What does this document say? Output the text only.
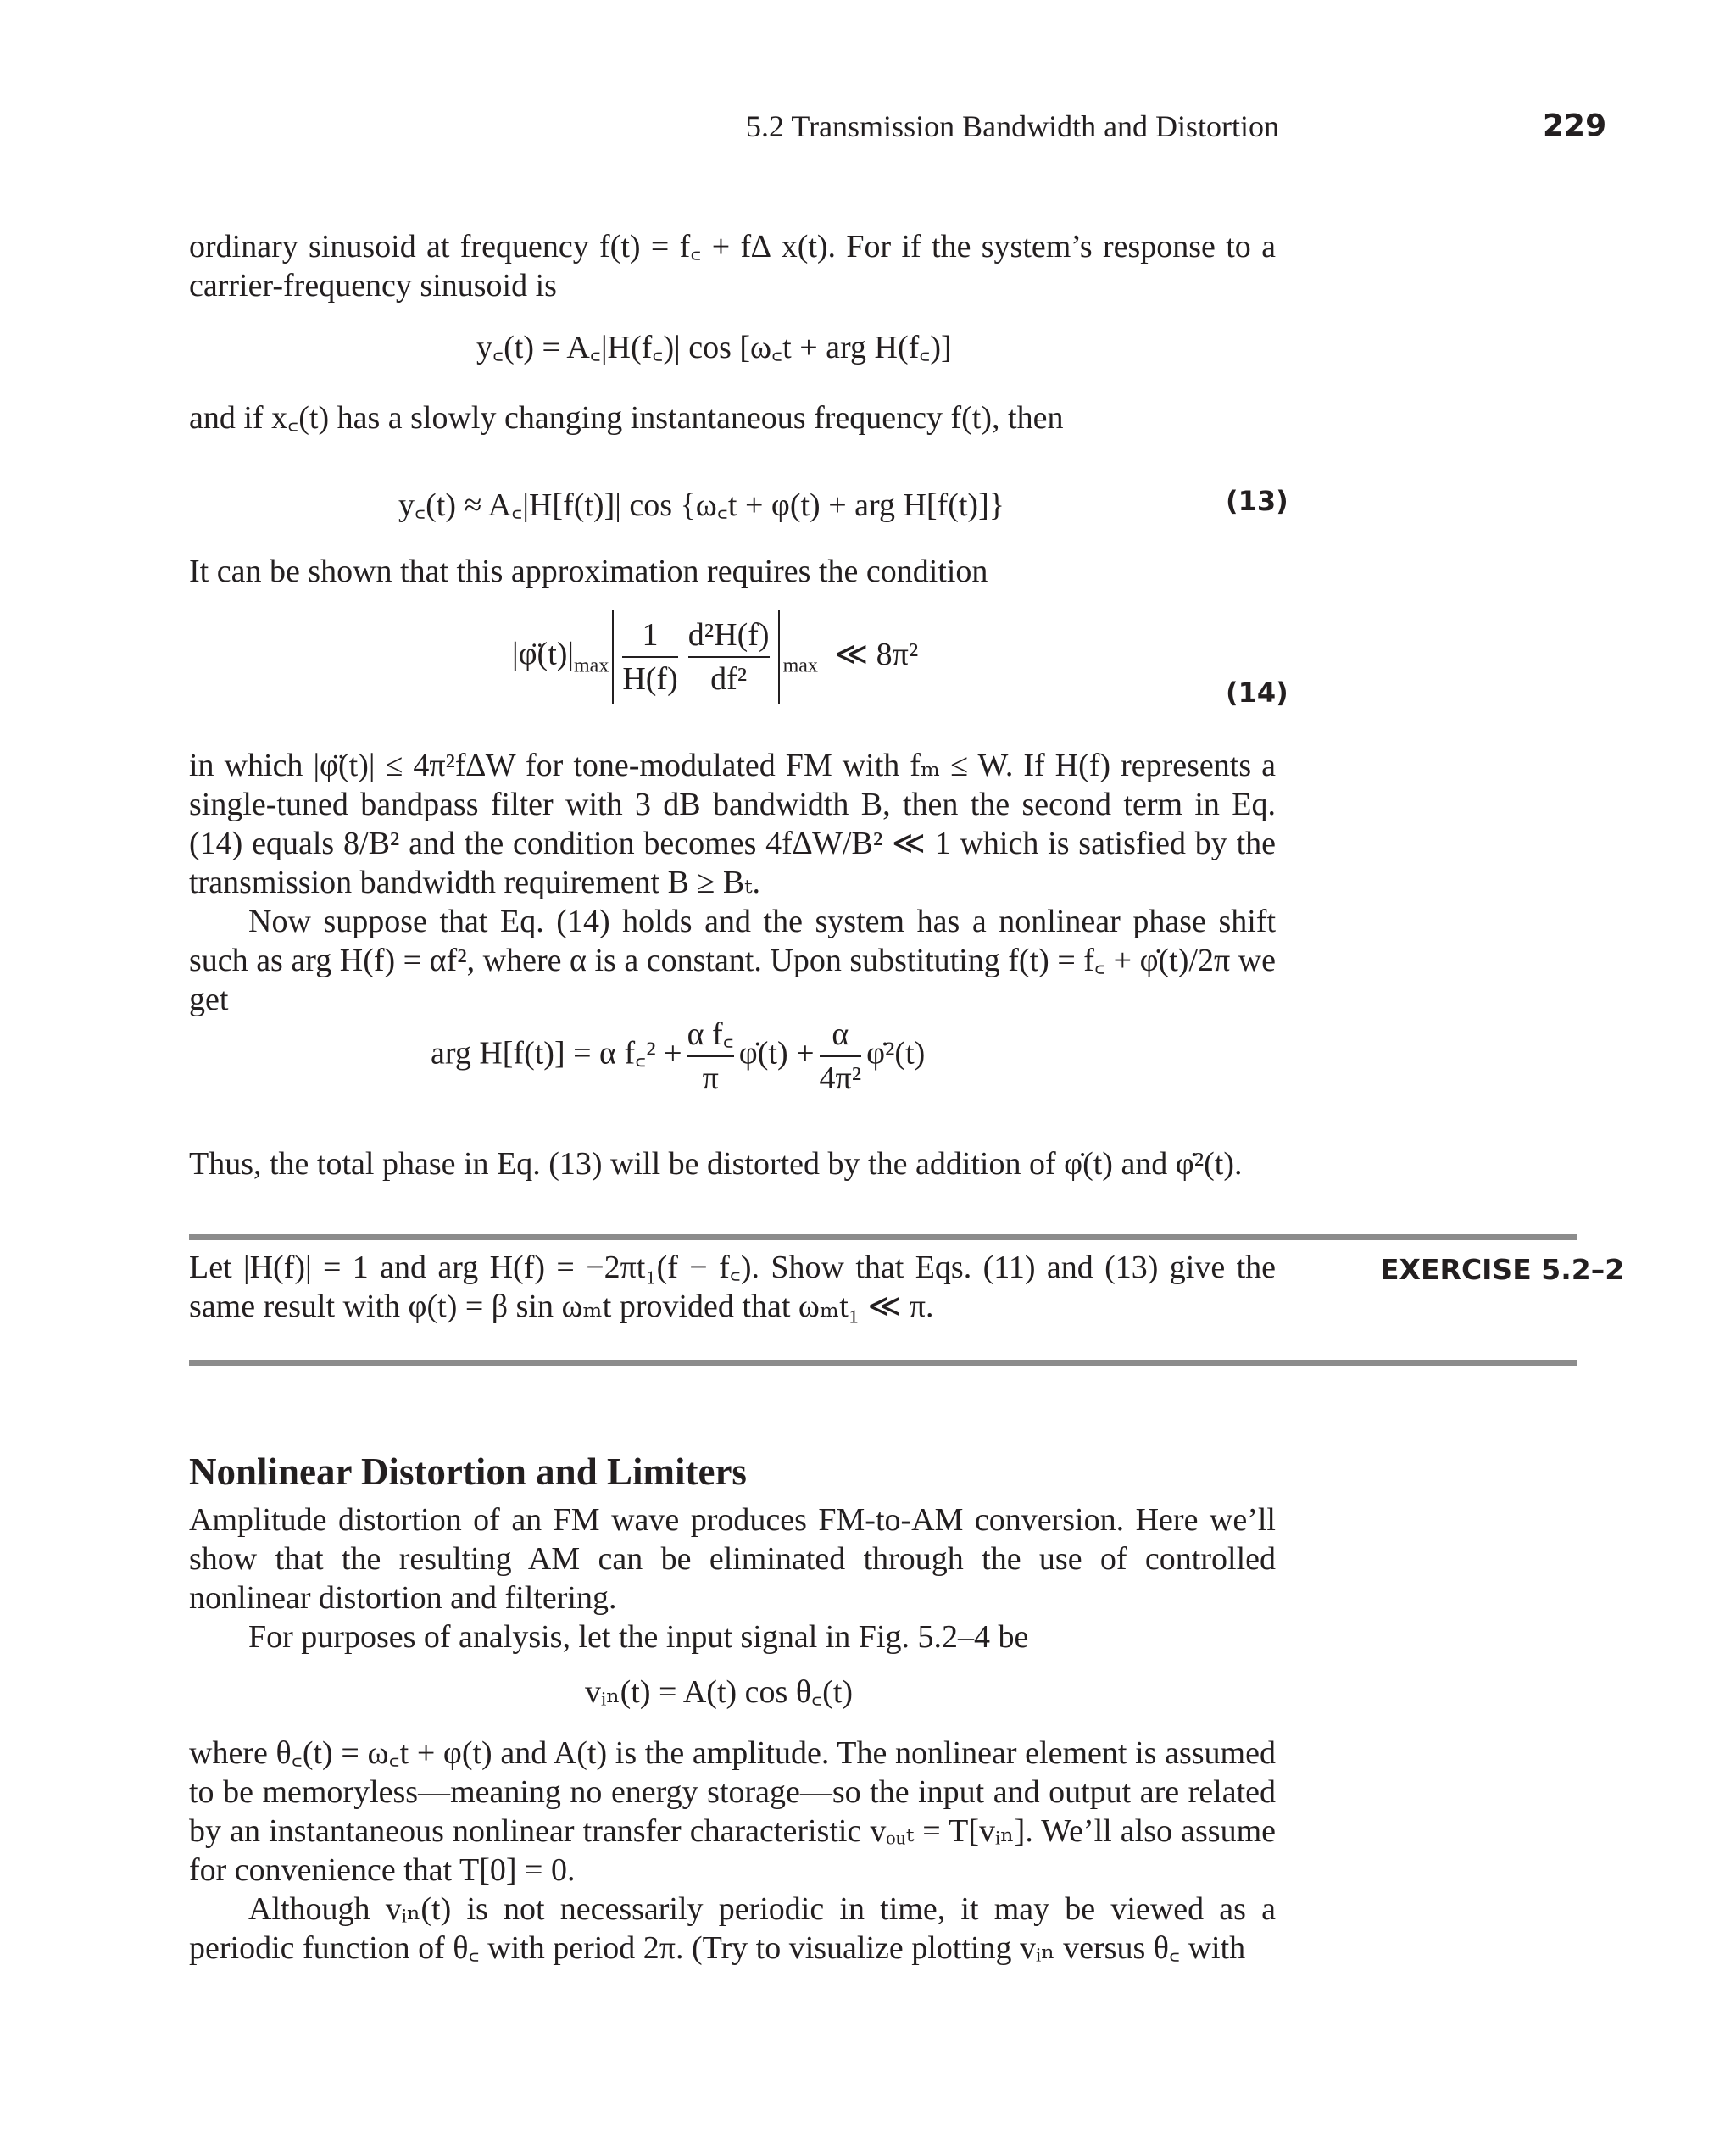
5.2 Transmission Bandwidth and Distortion	229

ordinary sinusoid at frequency f(t) = f꜀ + f∆ x(t). For if the system’s response to a carrier-frequency sinusoid is

y꜀(t) = A꜀|H(f꜀)| cos [ω꜀t + arg H(f꜀)]

and if x꜀(t) has a slowly changing instantaneous frequency f(t), then

y꜀(t) ≈ A꜀|H[f(t)]| cos {ω꜀t + φ(t) + arg H[f(t)]}	(13)

It can be shown that this approximation requires the condition

$|\varphï(t)|_{max} \frac{1}{H(f)} \frac{\text{d²H(f)}}{\text{df²}} _{max}$ ≪ 8π²
(14)

in which |φ̈(t)| ≤ 4π²f∆W for tone-modulated FM with fₘ ≤ W. If H(f) represents a single-tuned bandpass filter with 3 dB bandwidth B, then the second term in Eq. (14) equals 8/B² and the condition becomes 4f∆W/B² ≪ 1 which is satisfied by the transmission bandwidth requirement B ≥ Bₜ.

Now suppose that Eq. (14) holds and the system has a nonlinear phase shift such as arg H(f) = αf², where α is a constant. Upon substituting f(t) = f꜀ + φ̇(t)/2π we get

arg H[f(t)] = α f꜀² + $\frac{\text{α f꜀}}{\pi}$ φ̇(t) + $\frac{\alpha}{\text{4π²}}$ φ̇²(t)

Thus, the total phase in Eq. (13) will be distorted by the addition of φ̇(t) and φ̇²(t).

Let |H(f)| = 1 and arg H(f) = −2πt₁(f − f꜀). Show that Eqs. (11) and (13) give the same result with φ(t) = β sin ωₘt provided that ωₘt₁ ≪ π.

EXERCISE 5.2–2
Nonlinear Distortion and Limiters

Amplitude distortion of an FM wave produces FM-to-AM conversion. Here we’ll show that the resulting AM can be eliminated through the use of controlled nonlinear distortion and filtering.

For purposes of analysis, let the input signal in Fig. 5.2–4 be

vᵢₙ(t) = A(t) cos θ꜀(t)

where θ꜀(t) = ω꜀t + φ(t) and A(t) is the amplitude. The nonlinear element is assumed to be memoryless—meaning no energy storage—so the input and output are related by an instantaneous nonlinear transfer characteristic vₒᵤₜ = T[vᵢₙ]. We’ll also assume for convenience that T[0] = 0.

Although vᵢₙ(t) is not necessarily periodic in time, it may be viewed as a periodic function of θ꜀ with period 2π. (Try to visualize plotting vᵢₙ versus θ꜀ with
